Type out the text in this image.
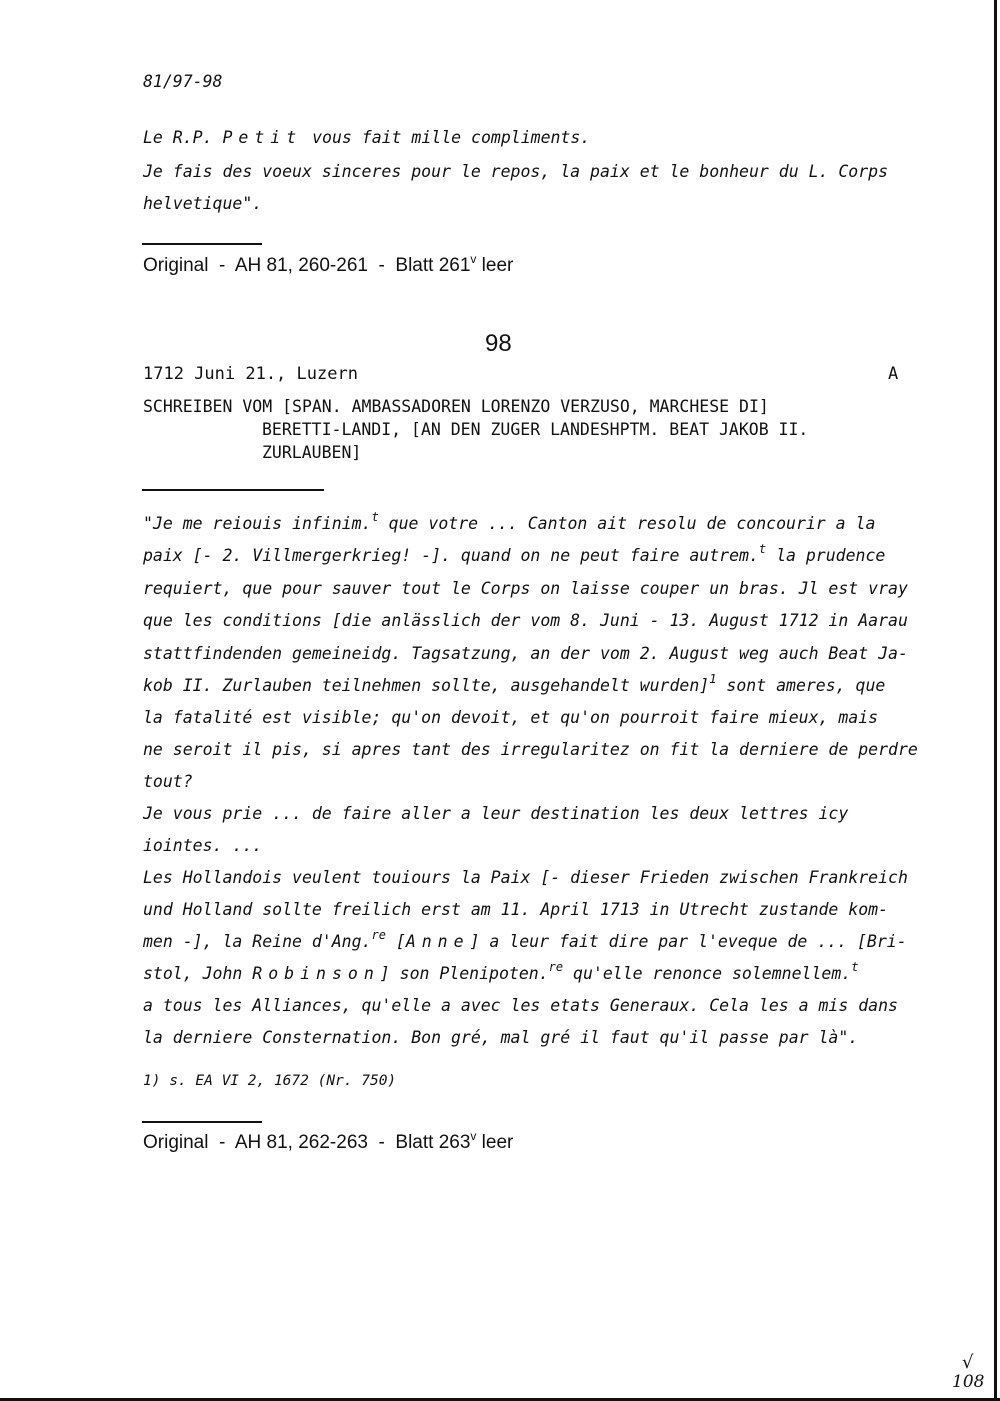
81/97-98
Le R.P. Petit vous fait mille compliments.
Je fais des voeux sinceres pour le repos, la paix et le bonheur du L. Corps
helvetique".
Original  -  AH 81, 260-261  -  Blatt 261$^v$ leer
98
1712 Juni 21., Luzern	A
SCHREIBEN VOM [SPAN. AMBASSADOREN LORENZO VERZUSO, MARCHESE DI]
BERETTI-LANDI, [AN DEN ZUGER LANDESHPTM. BEAT JAKOB II.
ZURLAUBEN]
"Je me reiouis infinim.$^t$ que votre ... Canton ait resolu de concourir a la
paix [- 2. Villmergerkrieg! -]. quand on ne peut faire autrem.$^t$ la prudence
requiert, que pour sauver tout le Corps on laisse couper un bras. Jl est vray
que les conditions [die anlässlich der vom 8. Juni - 13. August 1712 in Aarau
stattfindenden gemeineidg. Tagsatzung, an der vom 2. August weg auch Beat Ja-
kob II. Zurlauben teilnehmen sollte, ausgehandelt wurden]$^1$ sont ameres, que
la fatalité est visible; qu'on devoit, et qu'on pourroit faire mieux, mais
ne seroit il pis, si apres tant des irregularitez on fit la derniere de perdre
tout?
Je vous prie ... de faire aller a leur destination les deux lettres icy
iointes. ...
Les Hollandois veulent touiours la Paix [- dieser Frieden zwischen Frankreich
und Holland sollte freilich erst am 11. April 1713 in Utrecht zustande kom-
men -], la Reine d'Ang.$^{re}$ [Anne] a leur fait dire par l'eveque de ... [Bri-
stol, John Robinson] son Plenipoten.$^{re}$ qu'elle renonce solemnellem.$^t$
a tous les Alliances, qu'elle a avec les etats Generaux. Cela les a mis dans
la derniere Consternation. Bon gré, mal gré il faut qu'il passe par là".
1) s. EA VI 2, 1672 (Nr. 750)
Original  -  AH 81, 262-263  -  Blatt 263$^v$ leer
√
108
